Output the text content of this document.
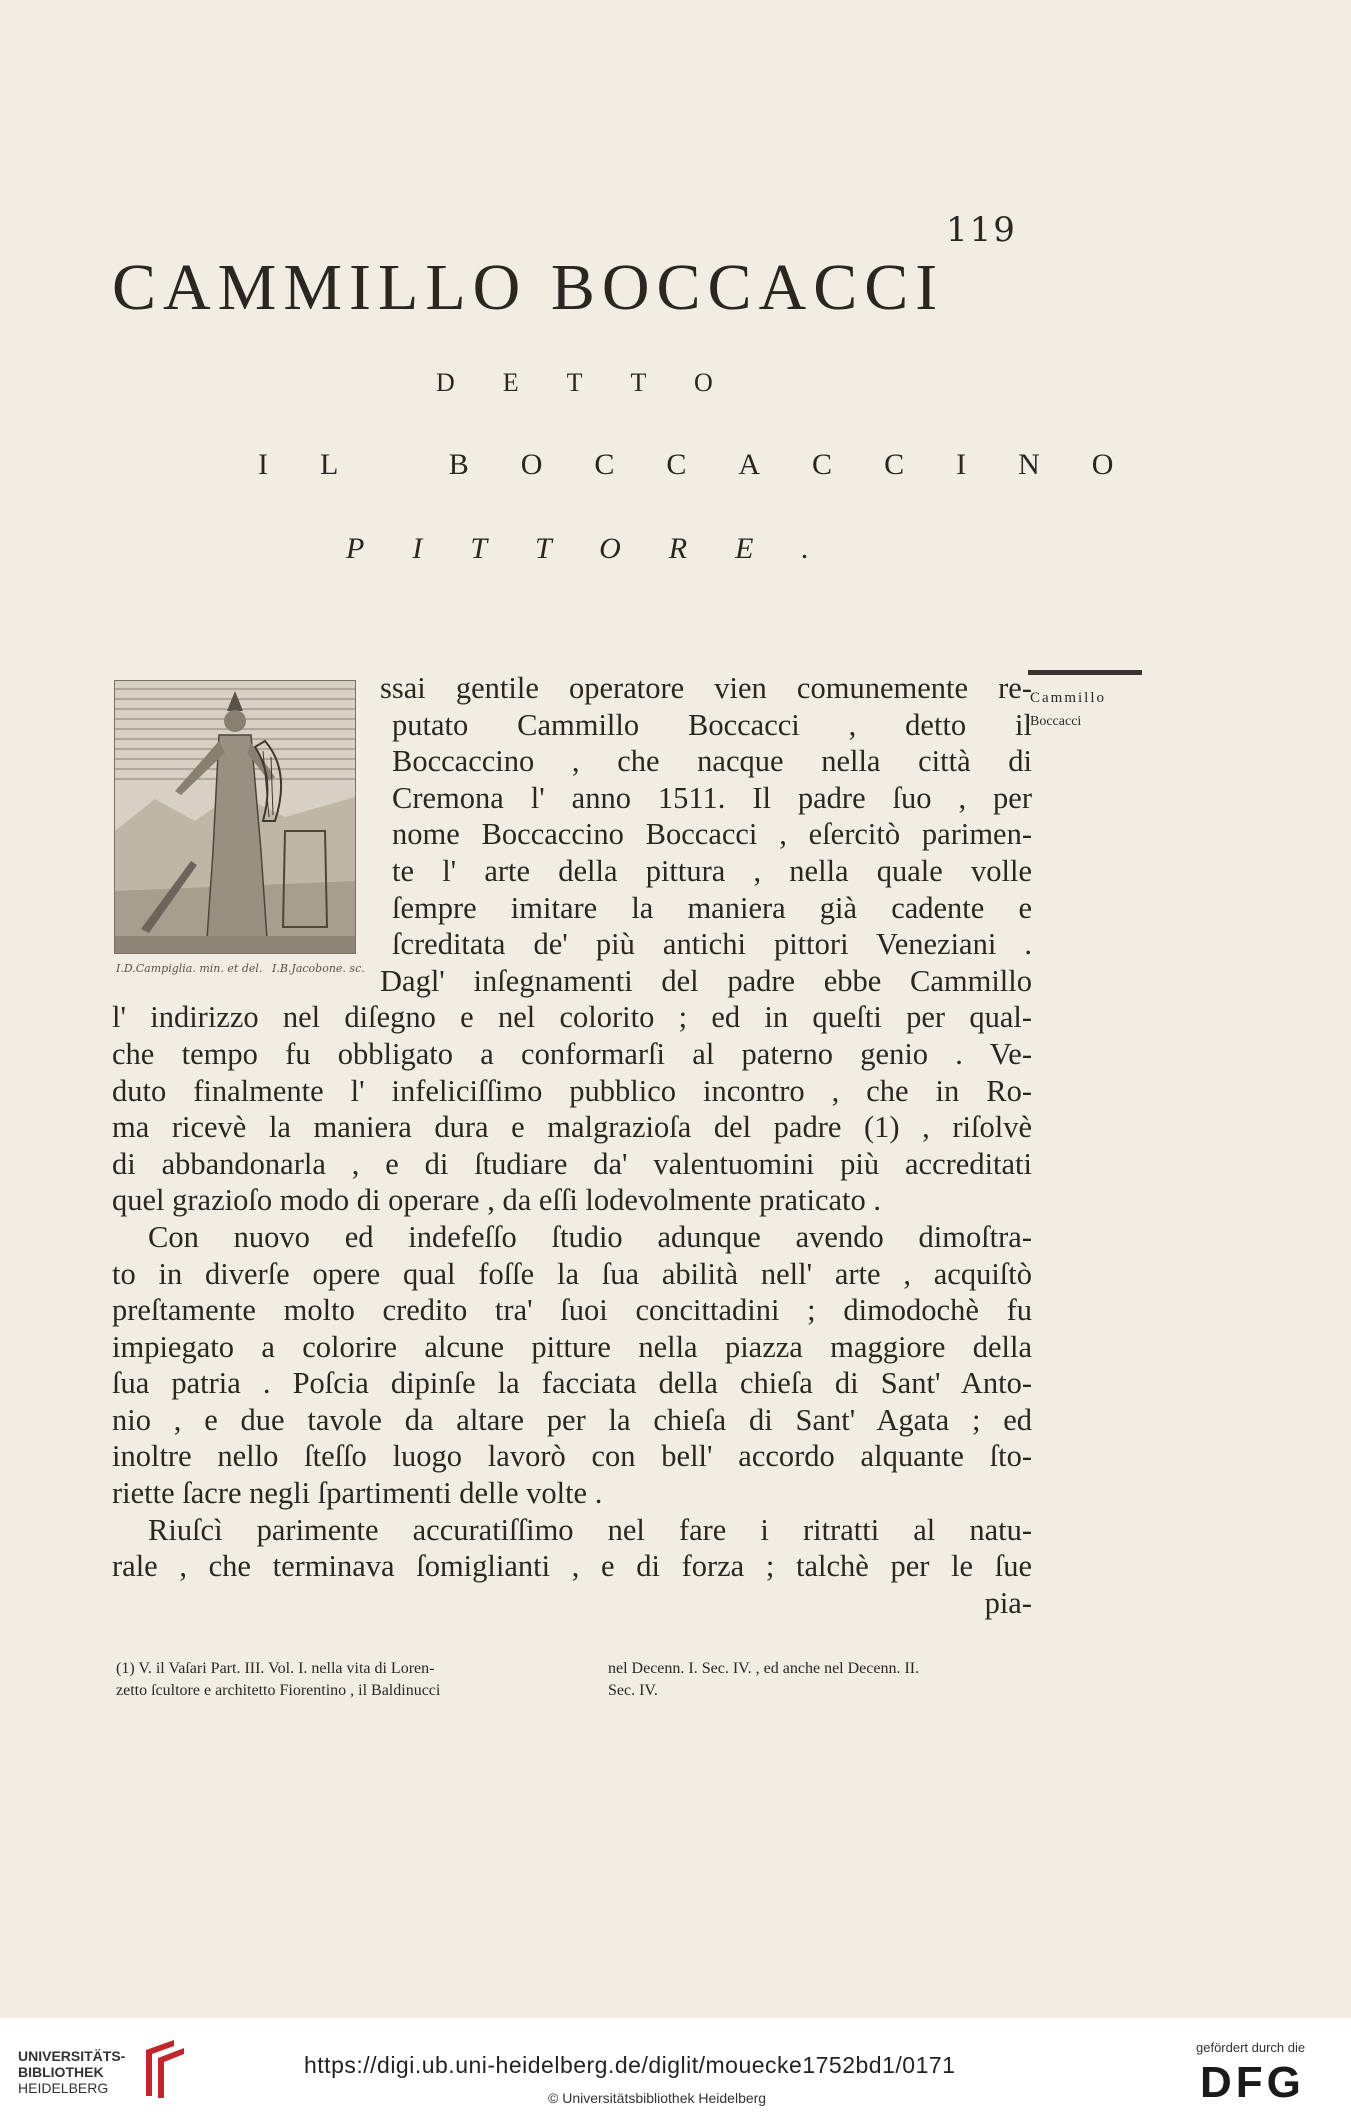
119
CAMMILLO BOCCACCI
DETTO
IL BOCCACCINO
PITTORE.
I.D.Campiglia. min. et del. I.B.Jacobone. sc.
Cammillo
Boccacci
ssai gentile operatore vien comunemente re-
putato Cammillo Boccacci , detto il
Boccaccino , che nacque nella città di
Cremona l' anno 1511. Il padre ſuo , per
nome Boccaccino Boccacci , eſercitò parimen-
te l' arte della pittura , nella quale volle
ſempre imitare la maniera già cadente e
ſcreditata de' più antichi pittori Veneziani .
Dagl' inſegnamenti del padre ebbe Cammillo
l' indirizzo nel diſegno e nel colorito ; ed in queſti per qual-
che tempo fu obbligato a conformarſi al paterno genio . Ve-
duto finalmente l' infeliciſſimo pubblico incontro , che in Ro-
ma ricevè la maniera dura e malgrazioſa del padre (1) , riſolvè
di abbandonarla , e di ſtudiare da' valentuomini più accreditati
quel grazioſo modo di operare , da eſſi lodevolmente praticato .
Con nuovo ed indefeſſo ſtudio adunque avendo dimoſtra-
to in diverſe opere qual foſſe la ſua abilità nell' arte , acquiſtò
preſtamente molto credito tra' ſuoi concittadini ; dimodochè fu
impiegato a colorire alcune pitture nella piazza maggiore della
ſua patria . Poſcia dipinſe la facciata della chieſa di Sant' Anto-
nio , e due tavole da altare per la chieſa di Sant' Agata ; ed
inoltre nello ſteſſo luogo lavorò con bell' accordo alquante ſto-
riette ſacre negli ſpartimenti delle volte .
Riuſcì parimente accuratiſſimo nel fare i ritratti al natu-
rale , che terminava ſomiglianti , e di forza ; talchè per le ſue
pia-
(1) V. il Vaſari Part. III. Vol. I. nella vita di Loren-
zetto ſcultore e architetto Fiorentino , il Baldinucci
nel Decenn. I. Sec. IV. , ed anche nel Decenn. II.
Sec. IV.
UNIVERSITÄTS-
BIBLIOTHEK
HEIDELBERG
https://digi.ub.uni-heidelberg.de/diglit/mouecke1752bd1/0171
© Universitätsbibliothek Heidelberg
gefördert durch die
DFG
